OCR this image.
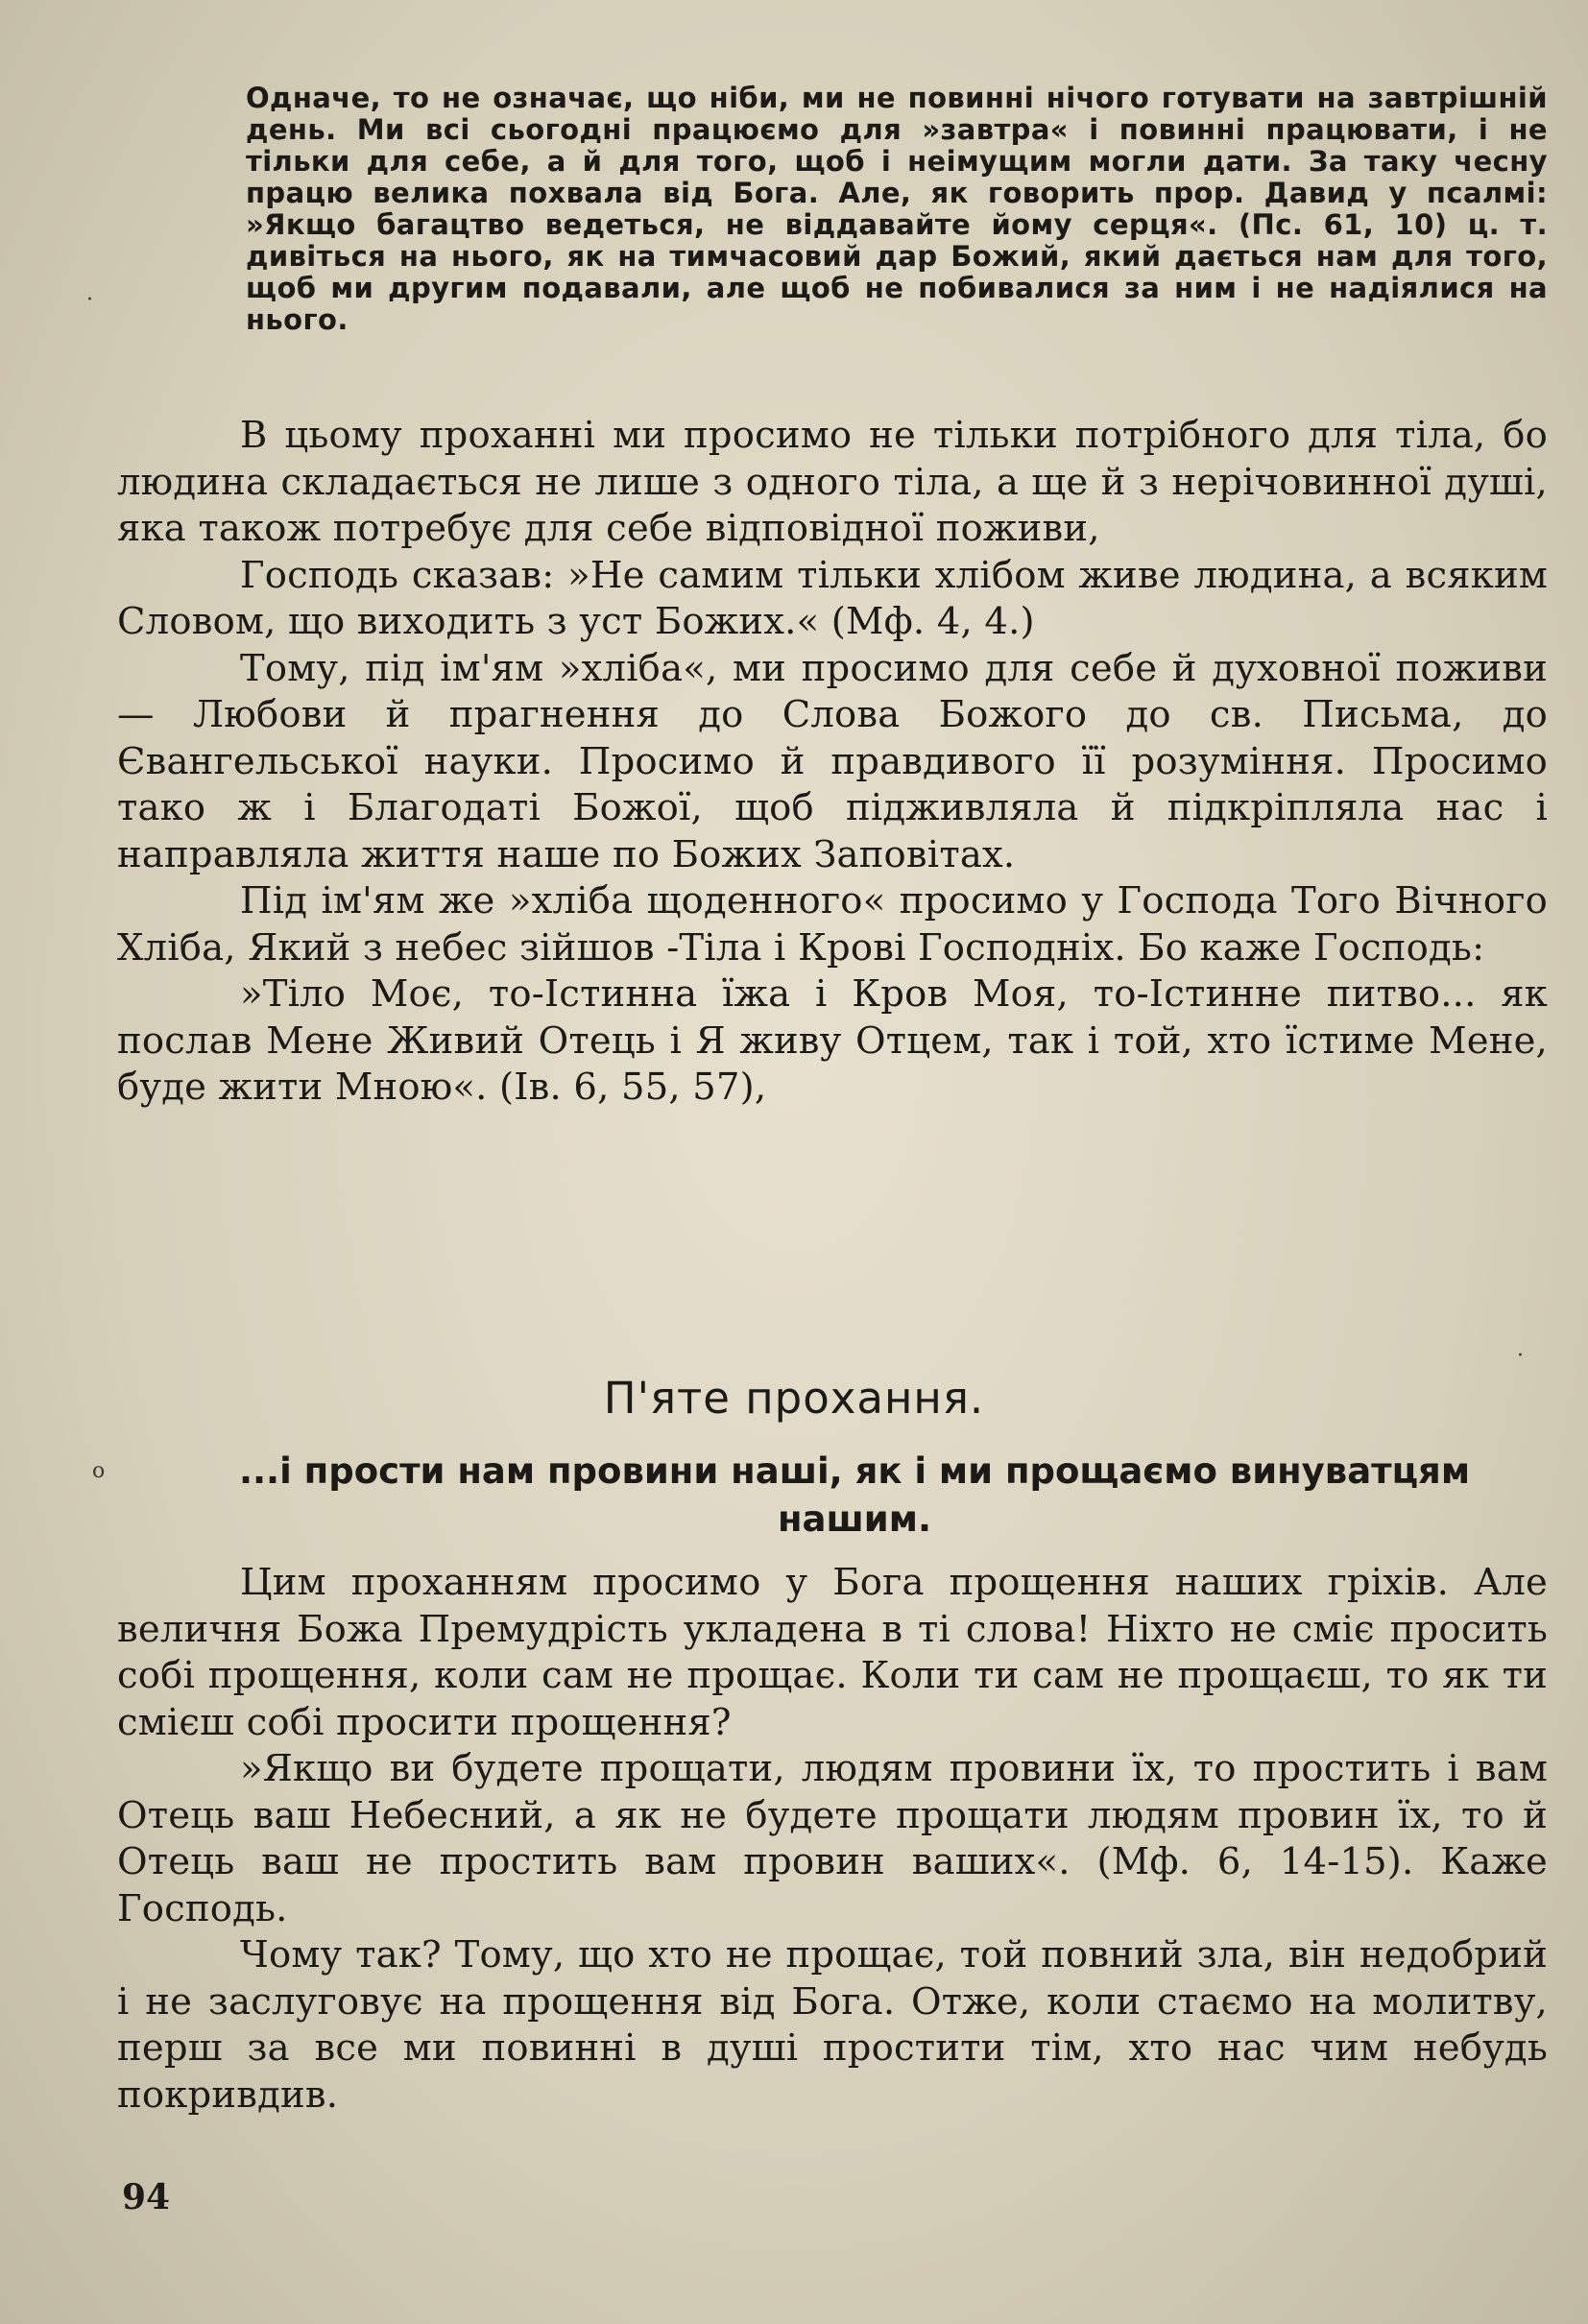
Одначе, то не означає, що ніби, ми не повинні нічого готувати на завтрішній день. Ми всі сьогодні працюємо для »завтра« і повинні працювати, і не тільки для себе, а й для того, щоб і неімущим могли дати. За таку чесну працю велика похвала від Бога. Але, як говорить прор. Давид у псалмі: »Якщо багацтво ведеться, не віддавайте йому серця«. (Пс. 61, 10) ц. т. дивіться на нього, як на тимчасовий дар Божий, який дається нам для того, щоб ми другим подавали, але щоб не побивалися за ним і не надіялися на нього.

В цьому проханні ми просимо не тільки потрібного для тіла, бо людина складається не лише з одного тіла, а ще й з нерічовинної душі, яка також потребує для себе відповідної поживи,

Господь сказав: »Не самим тільки хлібом живе людина, а всяким Словом, що виходить з уст Божих.« (Мф. 4, 4.)

Тому, під ім'ям »хліба«, ми просимо для себе й духовної поживи — Любови й прагнення до Слова Божого до св. Письма, до Євангельської науки. Просимо й правдивого її розуміння. Просимо тако ж і Благодаті Божої, щоб підживляла й підкріпляла нас і направляла життя наше по Божих Заповітах.

Під ім'ям же »хліба щоденного« просимо у Господа Того Вічного Хліба, Який з небес зійшов -Тіла і Крові Господніх. Бо каже Господь:

»Тіло Моє, то-Істинна їжа і Кров Моя, то-Істинне питво... як послав Мене Живий Отець і Я живу Отцем, так і той, хто їстиме Мене, буде жити Мною«. (Ів. 6, 55, 57),

П'яте прохання.
...і прости нам провини наші, як і ми прощаємо винуватцям нашим.

Цим проханням просимо у Бога прощення наших гріхів. Але величня Божа Премудрість укладена в ті слова! Ніхто не сміє просить собі прощення, коли сам не прощає. Коли ти сам не прощаєш, то як ти смієш собі просити прощення?

»Якщо ви будете прощати, людям провини їх, то простить і вам Отець ваш Небесний, а як не будете прощати людям провин їх, то й Отець ваш не простить вам провин ваших«. (Мф. 6, 14-15). Каже Господь.

Чому так? Тому, що хто не прощає, той повний зла, він недобрий і не заслуговує на прощення від Бога. Отже, коли стаємо на молитву, перш за все ми повинні в душі простити тім, хто нас чим небудь покривдив.

94
·
·
o
